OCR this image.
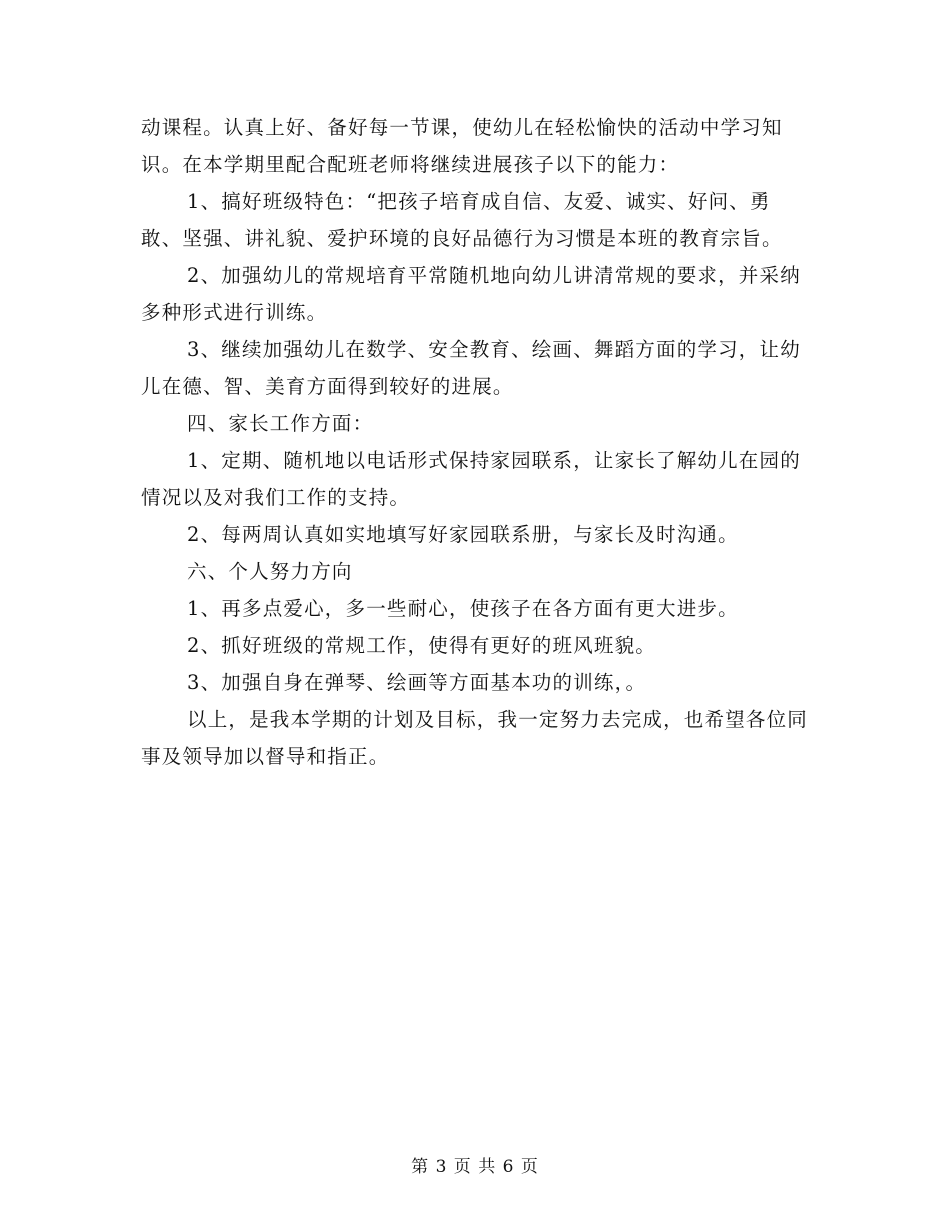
动课程。认真上好、备好每一节课，使幼儿在轻松愉快的活动中学习知识。在本学期里配合配班老师将继续进展孩子以下的能力：

1、搞好班级特色：“把孩子培育成自信、友爱、诚实、好问、勇敢、坚强、讲礼貌、爱护环境的良好品德行为习惯是本班的教育宗旨。

2、加强幼儿的常规培育平常随机地向幼儿讲清常规的要求，并采纳多种形式进行训练。

3、继续加强幼儿在数学、安全教育、绘画、舞蹈方面的学习，让幼儿在德、智、美育方面得到较好的进展。

四、家长工作方面：

1、定期、随机地以电话形式保持家园联系，让家长了解幼儿在园的情况以及对我们工作的支持。

2、每两周认真如实地填写好家园联系册，与家长及时沟通。

六、个人努力方向

1、再多点爱心，多一些耐心，使孩子在各方面有更大进步。

2、抓好班级的常规工作，使得有更好的班风班貌。

3、加强自身在弹琴、绘画等方面基本功的训练，。

以上，是我本学期的计划及目标，我一定努力去完成，也希望各位同事及领导加以督导和指正。

第 3 页 共 6 页
